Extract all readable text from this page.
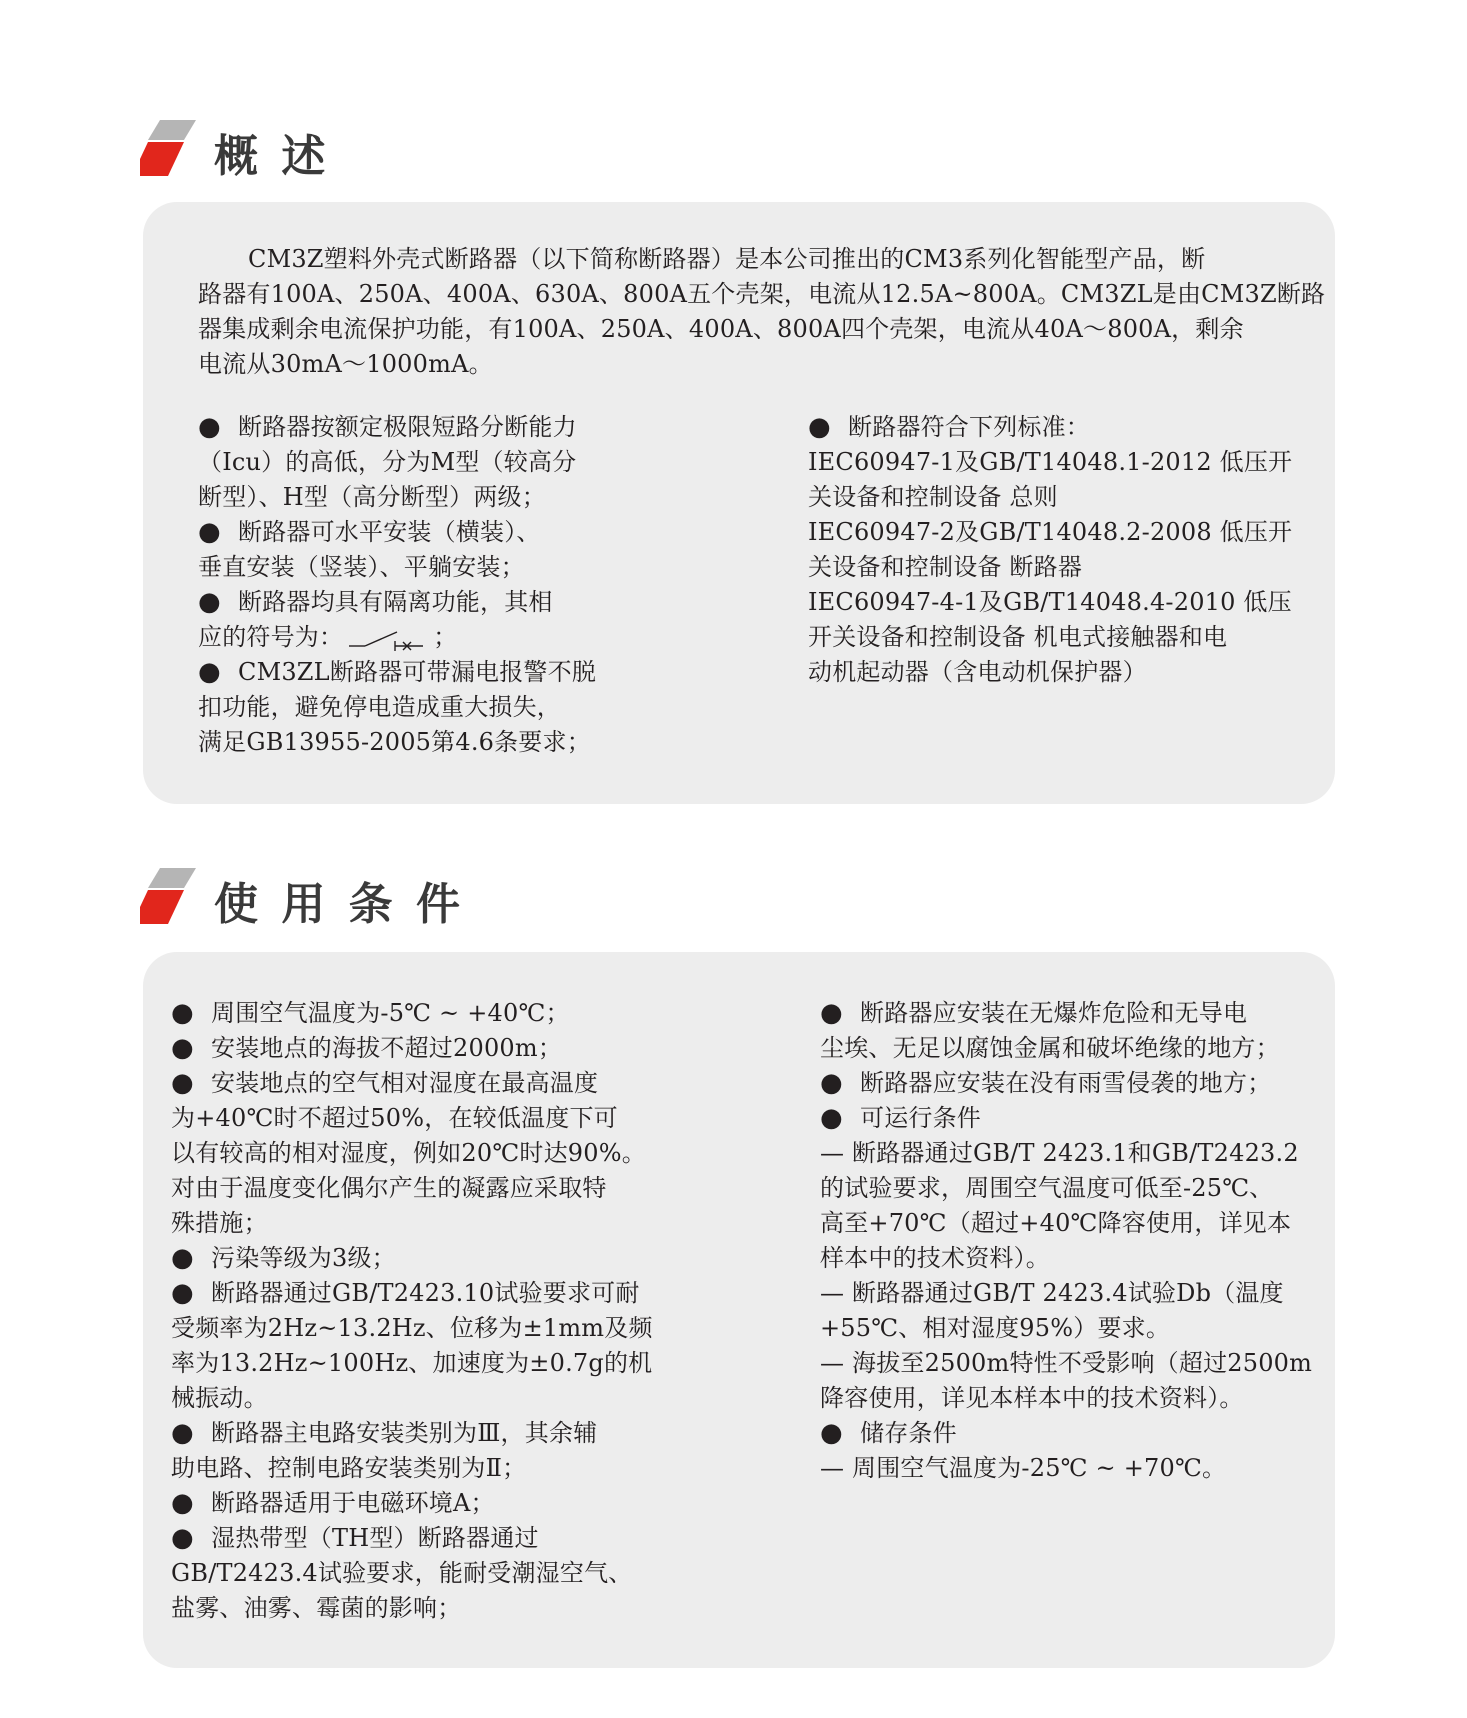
概 述
CM3Z塑料外壳式断路器（以下简称断路器）是本公司推出的CM3系列化智能型产品，断
路器有100A、250A、400A、630A、800A五个壳架，电流从12.5A~800A。CM3ZL是由CM3Z断路
器集成剩余电流保护功能，有100A、250A、400A、800A四个壳架，电流从40A～800A，剩余
电流从30mA～1000mA。
● 断路器按额定极限短路分断能力
（Icu）的高低，分为M型（较高分
断型）、H型（高分断型）两级；
● 断路器可水平安装（横装）、
垂直安装（竖装）、平躺安装；
● 断路器均具有隔离功能，其相
应的符号为：	；
● CM3ZL断路器可带漏电报警不脱
扣功能，避免停电造成重大损失，
满足GB13955-2005第4.6条要求；
● 断路器符合下列标准：
IEC60947-1及GB/T14048.1-2012 低压开
关设备和控制设备 总则
IEC60947-2及GB/T14048.2-2008 低压开
关设备和控制设备 断路器
IEC60947-4-1及GB/T14048.4-2010 低压
开关设备和控制设备 机电式接触器和电
动机起动器（含电动机保护器）
使 用 条 件
● 周围空气温度为-5℃ ~ +40℃；
● 安装地点的海拔不超过2000m；
● 安装地点的空气相对湿度在最高温度
为+40℃时不超过50%，在较低温度下可
以有较高的相对湿度，例如20℃时达90%。
对由于温度变化偶尔产生的凝露应采取特
殊措施；
● 污染等级为3级；
● 断路器通过GB/T2423.10试验要求可耐
受频率为2Hz~13.2Hz、位移为±1mm及频
率为13.2Hz~100Hz、加速度为±0.7g的机
械振动。
● 断路器主电路安装类别为Ⅲ，其余辅
助电路、控制电路安装类别为Ⅱ；
● 断路器适用于电磁环境A；
● 湿热带型（TH型）断路器通过
GB/T2423.4试验要求，能耐受潮湿空气、
盐雾、油雾、霉菌的影响；
● 断路器应安装在无爆炸危险和无导电
尘埃、无足以腐蚀金属和破坏绝缘的地方；
● 断路器应安装在没有雨雪侵袭的地方；
● 可运行条件
— 断路器通过GB/T 2423.1和GB/T2423.2
的试验要求，周围空气温度可低至-25℃、
高至+70℃（超过+40℃降容使用，详见本
样本中的技术资料）。
— 断路器通过GB/T 2423.4试验Db（温度
+55℃、相对湿度95%）要求。
— 海拔至2500m特性不受影响（超过2500m
降容使用，详见本样本中的技术资料）。
● 储存条件
— 周围空气温度为-25℃ ~ +70℃。
